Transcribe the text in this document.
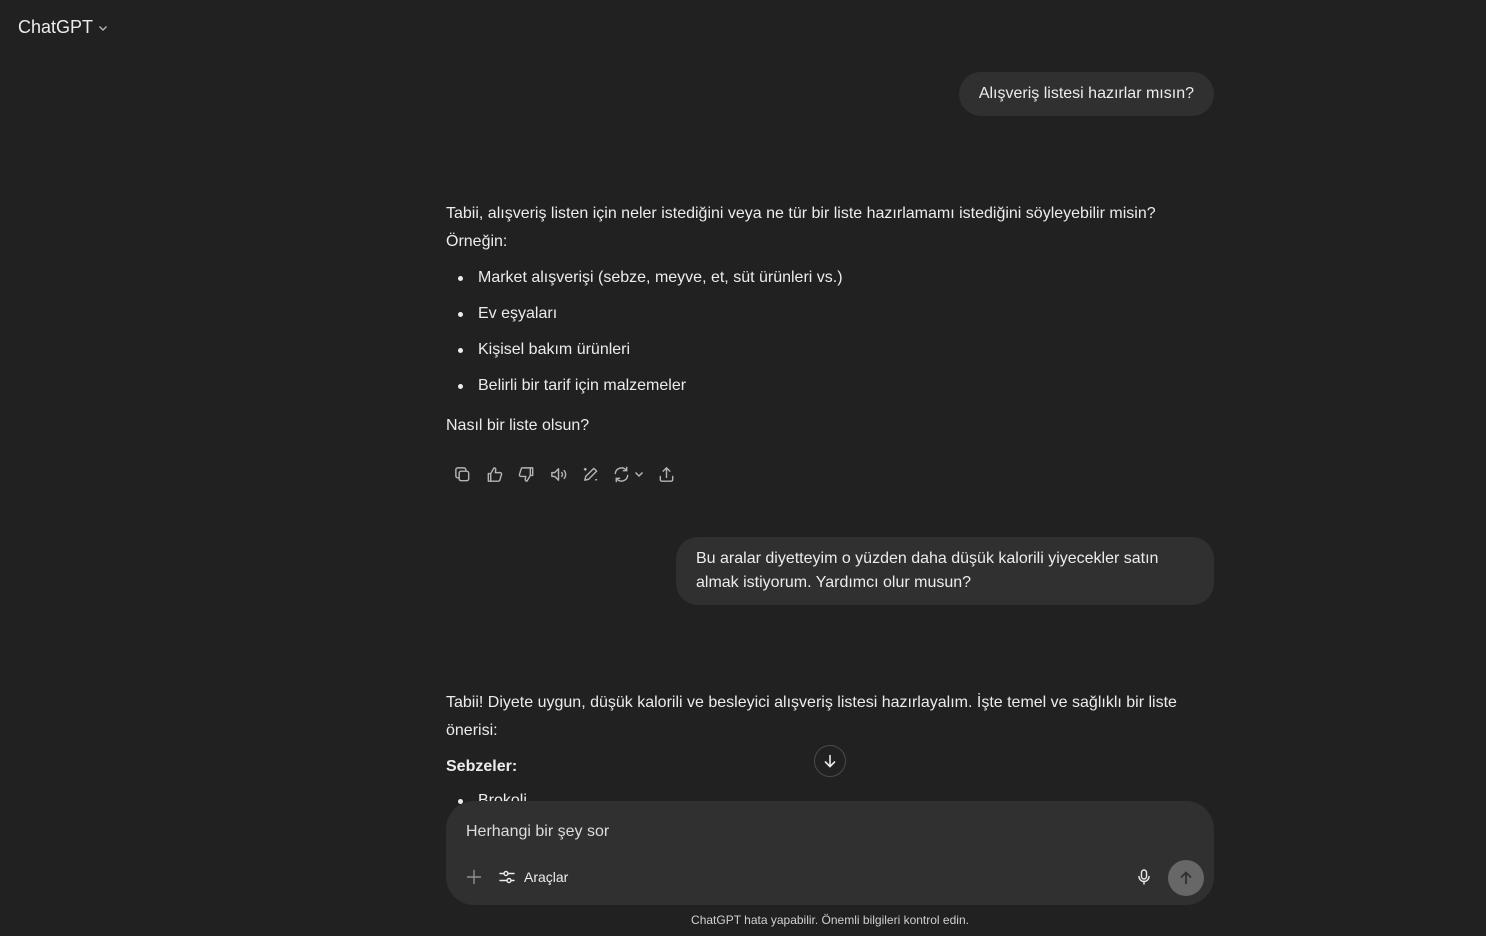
ChatGPT
Alışveriş listesi hazırlar mısın?

Tabii, alışveriş listen için neler istediğini veya ne tür bir liste hazırlamamı istediğini söyleyebilir misin?

Örneğin:

Market alışverişi (sebze, meyve, et, süt ürünleri vs.)
Ev eşyaları
Kişisel bakım ürünleri
Belirli bir tarif için malzemeler

Nasıl bir liste olsun?

Bu aralar diyetteyim o yüzden daha düşük kalorili yiyecekler satın
almak istiyorum. Yardımcı olur musun?

Tabii! Diyete uygun, düşük kalorili ve besleyici alışveriş listesi hazırlayalım. İşte temel ve sağlıklı bir liste

önerisi:

Sebzeler:

Herhangi bir şey sor
Araçlar
ChatGPT hata yapabilir. Önemli bilgileri kontrol edin.
